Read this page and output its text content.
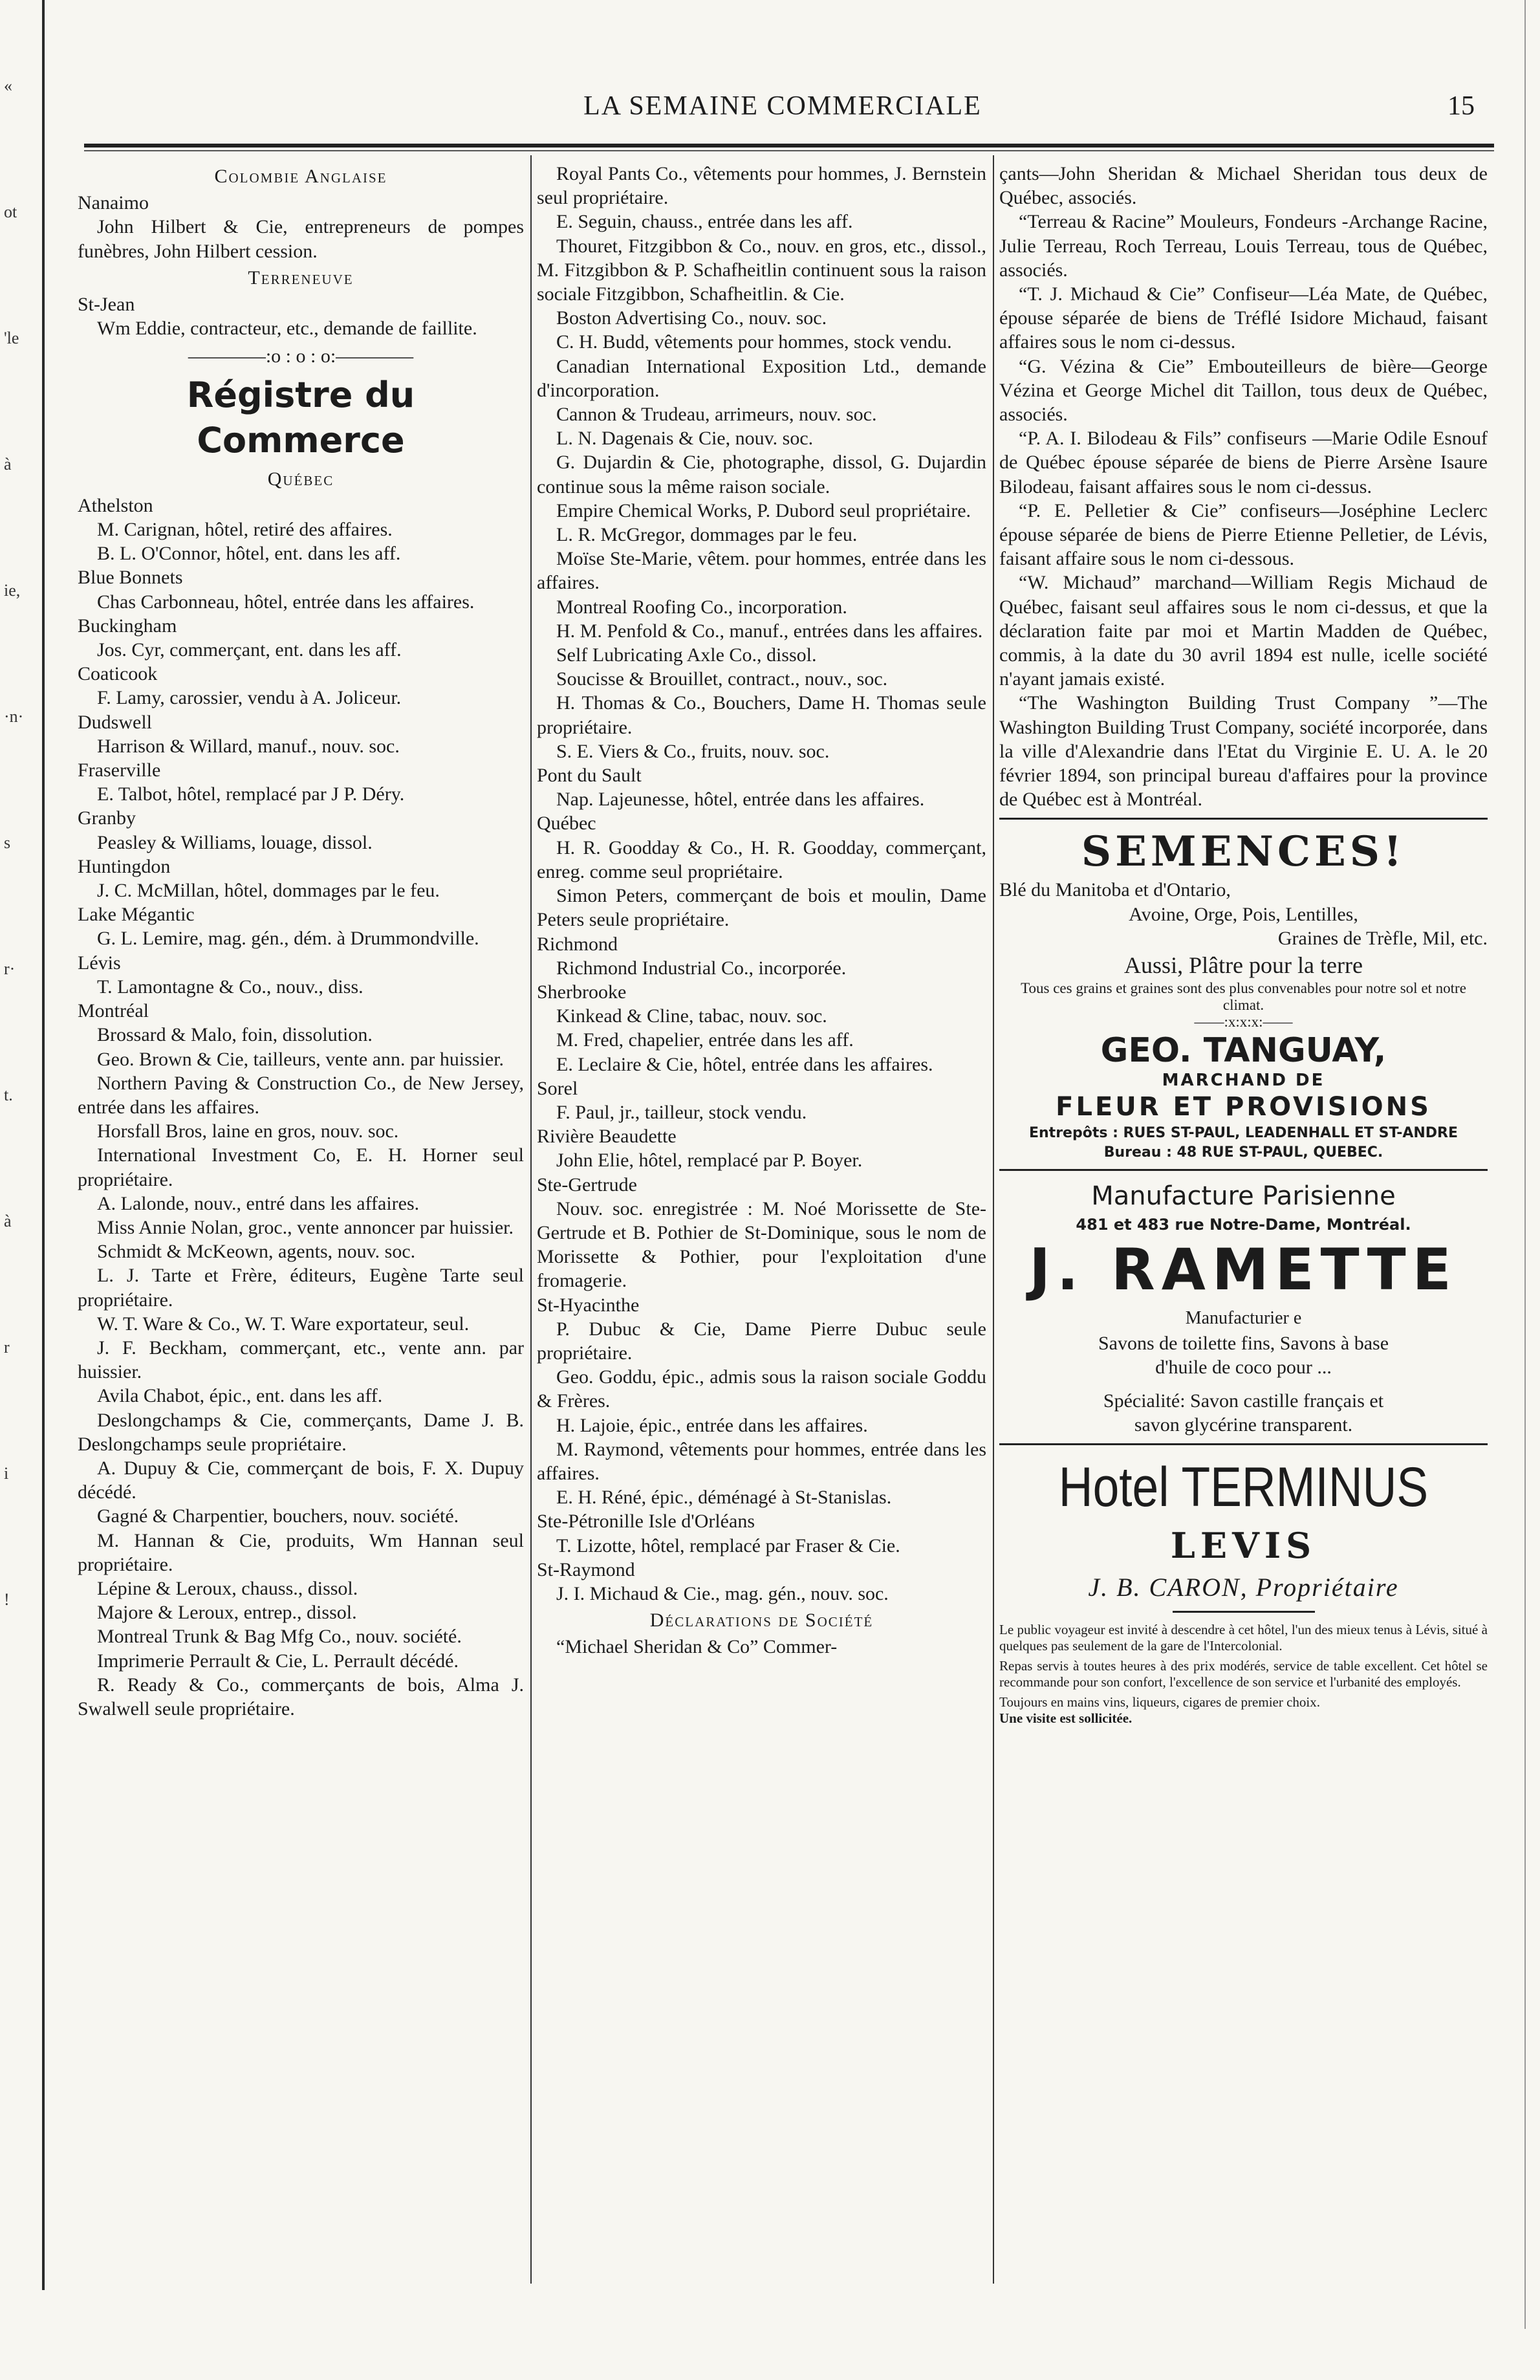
«
ot
'le
à
ie,
·n·
s
r·
t.
à
r
i
!
LA SEMAINE COMMERCIALE	15

Colombie Anglaise

Nanaimo

John Hilbert & Cie, entrepreneurs de pompes funèbres, John Hilbert cession.

Terreneuve

St-Jean

Wm Eddie, contracteur, etc., demande de faillite.

————:o : o : o:————

Régistre du Commerce

Québec

Athelston

M. Carignan, hôtel, retiré des affaires.

B. L. O'Connor, hôtel, ent. dans les aff.

Blue Bonnets

Chas Carbonneau, hôtel, entrée dans les affaires.

Buckingham

Jos. Cyr, commerçant, ent. dans les aff.

Coaticook

F. Lamy, carossier, vendu à A. Joliceur.

Dudswell

Harrison & Willard, manuf., nouv. soc.

Fraserville

E. Talbot, hôtel, remplacé par J P. Déry.

Granby

Peasley & Williams, louage, dissol.

Huntingdon

J. C. McMillan, hôtel, dommages par le feu.

Lake Mégantic

G. L. Lemire, mag. gén., dém. à Drummondville.

Lévis

T. Lamontagne & Co., nouv., diss.

Montréal

Brossard & Malo, foin, dissolution.

Geo. Brown & Cie, tailleurs, vente ann. par huissier.

Northern Paving & Construction Co., de New Jersey, entrée dans les affaires.

Horsfall Bros, laine en gros, nouv. soc.

International Investment Co, E. H. Horner seul propriétaire.

A. Lalonde, nouv., entré dans les affaires.

Miss Annie Nolan, groc., vente annoncer par huissier.

Schmidt & McKeown, agents, nouv. soc.

L. J. Tarte et Frère, éditeurs, Eugène Tarte seul propriétaire.

W. T. Ware & Co., W. T. Ware exportateur, seul.

J. F. Beckham, commerçant, etc., vente ann. par huissier.

Avila Chabot, épic., ent. dans les aff.

Deslongchamps & Cie, commerçants, Dame J. B. Deslongchamps seule propriétaire.

A. Dupuy & Cie, commerçant de bois, F. X. Dupuy décédé.

Gagné & Charpentier, bouchers, nouv. société.

M. Hannan & Cie, produits, Wm Hannan seul propriétaire.

Lépine & Leroux, chauss., dissol.

Majore & Leroux, entrep., dissol.

Montreal Trunk & Bag Mfg Co., nouv. société.

Imprimerie Perrault & Cie, L. Perrault décédé.

R. Ready & Co., commerçants de bois, Alma J. Swalwell seule propriétaire.

Royal Pants Co., vêtements pour hommes, J. Bernstein seul propriétaire.

E. Seguin, chauss., entrée dans les aff.

Thouret, Fitzgibbon & Co., nouv. en gros, etc., dissol., M. Fitzgibbon & P. Schafheitlin continuent sous la raison sociale Fitzgibbon, Schafheitlin. & Cie.

Boston Advertising Co., nouv. soc.

C. H. Budd, vêtements pour hommes, stock vendu.

Canadian International Exposition Ltd., demande d'incorporation.

Cannon & Trudeau, arrimeurs, nouv. soc.

L. N. Dagenais & Cie, nouv. soc.

G. Dujardin & Cie, photographe, dissol, G. Dujardin continue sous la même raison sociale.

Empire Chemical Works, P. Dubord seul propriétaire.

L. R. McGregor, dommages par le feu.

Moïse Ste-Marie, vêtem. pour hommes, entrée dans les affaires.

Montreal Roofing Co., incorporation.

H. M. Penfold & Co., manuf., entrées dans les affaires.

Self Lubricating Axle Co., dissol.

Soucisse & Brouillet, contract., nouv., soc.

H. Thomas & Co., Bouchers, Dame H. Thomas seule propriétaire.

S. E. Viers & Co., fruits, nouv. soc.

Pont du Sault

Nap. Lajeunesse, hôtel, entrée dans les affaires.

Québec

H. R. Goodday & Co., H. R. Goodday, commerçant, enreg. comme seul propriétaire.

Simon Peters, commerçant de bois et moulin, Dame Peters seule propriétaire.

Richmond

Richmond Industrial Co., incorporée.

Sherbrooke

Kinkead & Cline, tabac, nouv. soc.

M. Fred, chapelier, entrée dans les aff.

E. Leclaire & Cie, hôtel, entrée dans les affaires.

Sorel

F. Paul, jr., tailleur, stock vendu.

Rivière Beaudette

John Elie, hôtel, remplacé par P. Boyer.

Ste-Gertrude

Nouv. soc. enregistrée : M. Noé Morissette de Ste-Gertrude et B. Pothier de St-Dominique, sous le nom de Morissette & Pothier, pour l'exploitation d'une fromagerie.

St-Hyacinthe

P. Dubuc & Cie, Dame Pierre Dubuc seule propriétaire.

Geo. Goddu, épic., admis sous la raison sociale Goddu & Frères.

H. Lajoie, épic., entrée dans les affaires.

M. Raymond, vêtements pour hommes, entrée dans les affaires.

E. H. Réné, épic., déménagé à St-Stanislas.

Ste-Pétronille Isle d'Orléans

T. Lizotte, hôtel, remplacé par Fraser & Cie.

St-Raymond

J. I. Michaud & Cie., mag. gén., nouv. soc.

Déclarations de Société

“Michael Sheridan & Co” Commer-

çants—John Sheridan & Michael Sheridan tous deux de Québec, associés.

“Terreau & Racine” Mouleurs, Fondeurs -Archange Racine, Julie Terreau, Roch Terreau, Louis Terreau, tous de Québec, associés.

“T. J. Michaud & Cie” Confiseur—Léa Mate, de Québec, épouse séparée de biens de Tréflé Isidore Michaud, faisant affaires sous le nom ci-dessus.

“G. Vézina & Cie” Embouteilleurs de bière—George Vézina et George Michel dit Taillon, tous deux de Québec, associés.

“P. A. I. Bilodeau & Fils” confiseurs —Marie Odile Esnouf de Québec épouse séparée de biens de Pierre Arsène Isaure Bilodeau, faisant affaires sous le nom ci-dessus.

“P. E. Pelletier & Cie” confiseurs—Joséphine Leclerc épouse séparée de biens de Pierre Etienne Pelletier, de Lévis, faisant affaire sous le nom ci-dessous.

“W. Michaud” marchand—William Regis Michaud de Québec, faisant seul affaires sous le nom ci-dessus, et que la déclaration faite par moi et Martin Madden de Québec, commis, à la date du 30 avril 1894 est nulle, icelle société n'ayant jamais existé.

“The Washington Building Trust Company ”—The Washington Building Trust Company, société incorporée, dans la ville d'Alexandrie dans l'Etat du Virginie E. U. A. le 20 février 1894, son principal bureau d'affaires pour la province de Québec est à Montréal.

SEMENCES!

Blé du Manitoba et d'Ontario,

Avoine, Orge, Pois, Lentilles,

Graines de Trèfle, Mil, etc.

Aussi, Plâtre pour la terre

Tous ces grains et graines sont des plus convenables pour notre sol et notre climat.

——:x:x:x:——
GEO. TANGUAY,
MARCHAND DE
FLEUR ET PROVISIONS
Entrepôts : RUES ST-PAUL, LEADENHALL ET ST-ANDRE
Bureau : 48 RUE ST-PAUL, QUEBEC.
Manufacture Parisienne
481 et 483 rue Notre-Dame, Montréal.
J. RAMETTE
Manufacturier e

Savons de toilette fins, Savons à base

d'huile de coco pour ...

Spécialité: Savon castille français et

savon glycérine transparent.

Hotel TERMINUS
LEVIS
J. B. CARON, Propriétaire

Le public voyageur est invité à descendre à cet hôtel, l'un des mieux tenus à Lévis, situé à quelques pas seulement de la gare de l'Intercolonial.

Repas servis à toutes heures à des prix modérés, service de table excellent. Cet hôtel se recommande pour son confort, l'excellence de son service et l'urbanité des employés.

Toujours en mains vins, liqueurs, cigares de premier choix.

Une visite est sollicitée.
